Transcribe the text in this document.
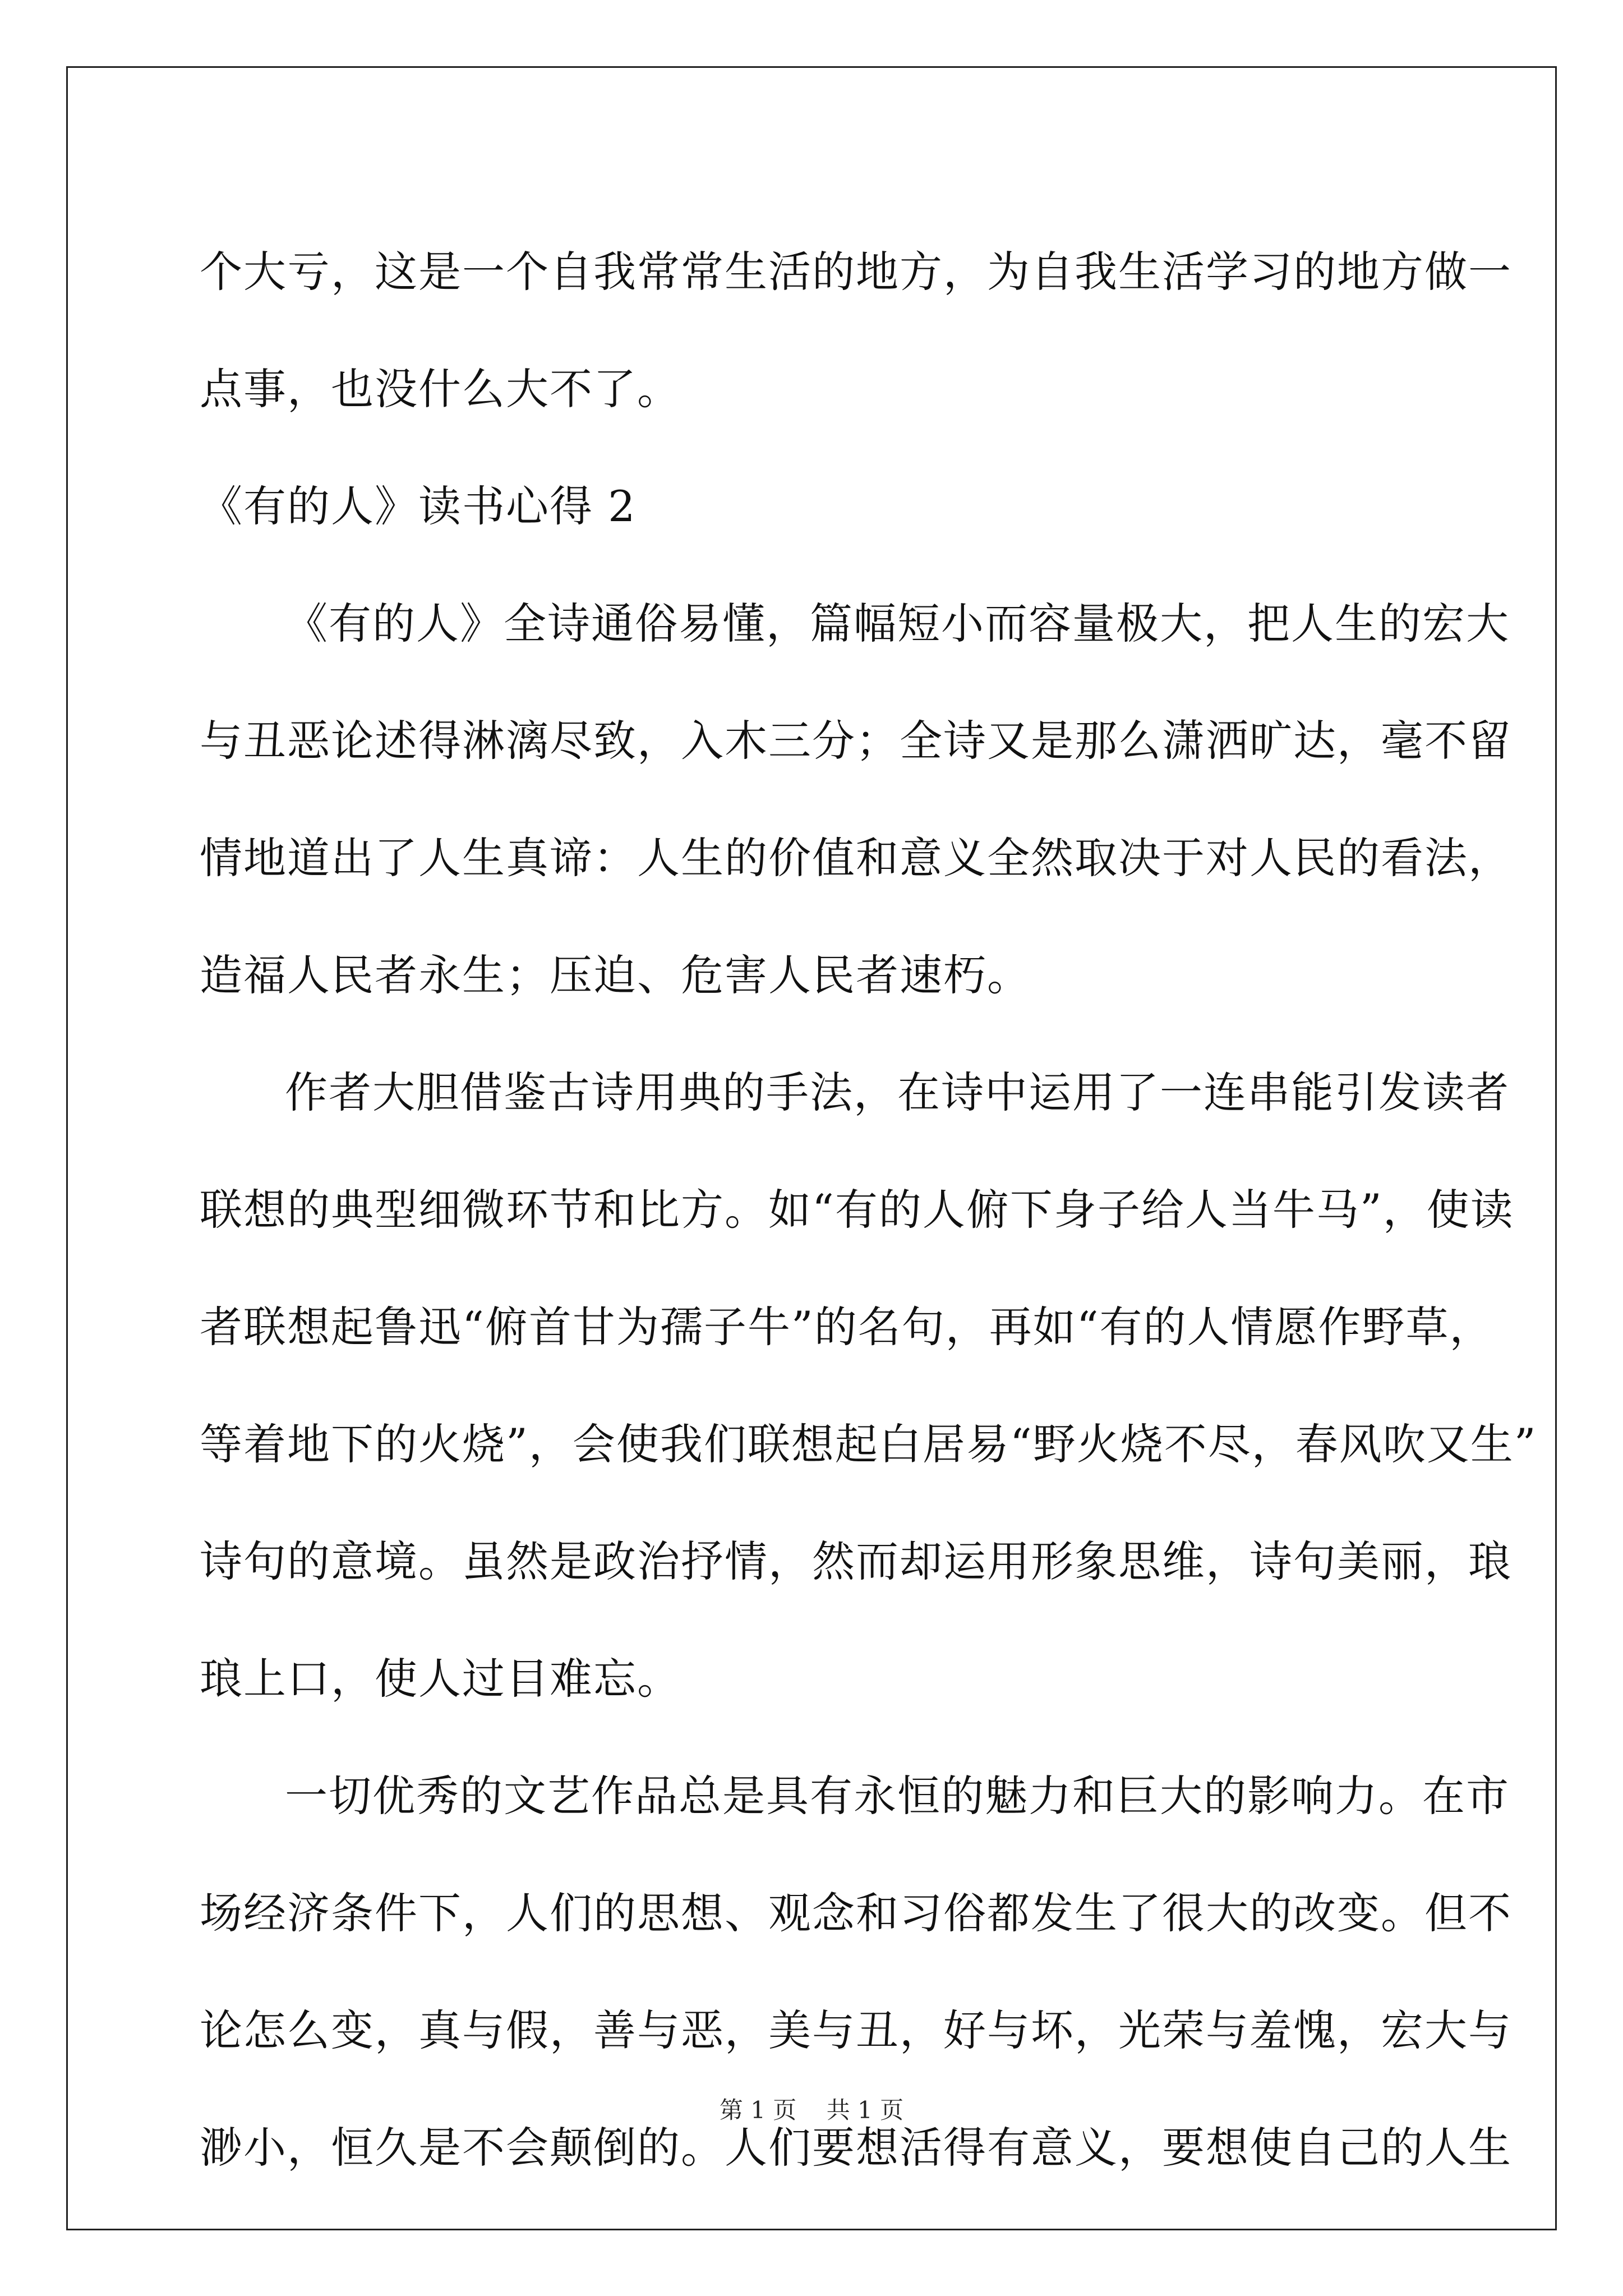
个大亏，这是一个自我常常生活的地方，为自我生活学习的地方做一
点事，也没什么大不了。
《有的人》读书心得 2
《有的人》全诗通俗易懂，篇幅短小而容量极大，把人生的宏大
与丑恶论述得淋漓尽致，入木三分；全诗又是那么潇洒旷达，毫不留
情地道出了人生真谛：人生的价值和意义全然取决于对人民的看法，
造福人民者永生；压迫、危害人民者速朽。
作者大胆借鉴古诗用典的手法，在诗中运用了一连串能引发读者
联想的典型细微环节和比方。如“有的人俯下身子给人当牛马”，使读
者联想起鲁迅“俯首甘为孺子牛”的名句，再如“有的人情愿作野草，
等着地下的火烧”，会使我们联想起白居易“野火烧不尽，春风吹又生”
诗句的意境。虽然是政治抒情，然而却运用形象思维，诗句美丽，琅
琅上口，使人过目难忘。
一切优秀的文艺作品总是具有永恒的魅力和巨大的影响力。在市
场经济条件下，人们的思想、观念和习俗都发生了很大的改变。但不
论怎么变，真与假，善与恶，美与丑，好与坏，光荣与羞愧，宏大与
渺小，恒久是不会颠倒的。人们要想活得有意义，要想使自己的人生
第 1 页    共 1 页
